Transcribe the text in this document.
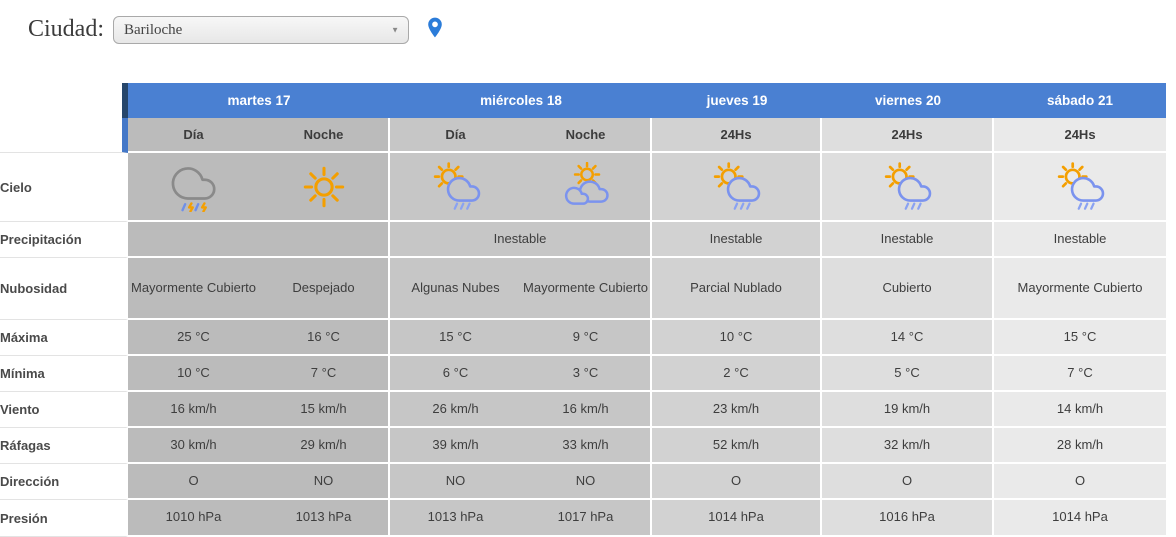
Ciudad:
Bariloche	▼
	martes 17		miércoles 18		jueves 19	viernes 20	sábado 21
	Día	Noche	Día	Noche	24Hs	24Hs	24Hs
Cielo							
Precipitación			Inestable		Inestable	Inestable	Inestable
Nubosidad	Mayormente Cubierto	Despejado	Algunas Nubes	Mayormente Cubierto	Parcial Nublado	Cubierto	Mayormente Cubierto
Máxima	25 °C	16 °C	15 °C	9 °C	10 °C	14 °C	15 °C
Mínima	10 °C	7 °C	6 °C	3 °C	2 °C	5 °C	7 °C
Viento	16 km/h	15 km/h	26 km/h	16 km/h	23 km/h	19 km/h	14 km/h
Ráfagas	30 km/h	29 km/h	39 km/h	33 km/h	52 km/h	32 km/h	28 km/h
Dirección	O	NO	NO	NO	O	O	O
Presión	1010 hPa	1013 hPa	1013 hPa	1017 hPa	1014 hPa	1016 hPa	1014 hPa
